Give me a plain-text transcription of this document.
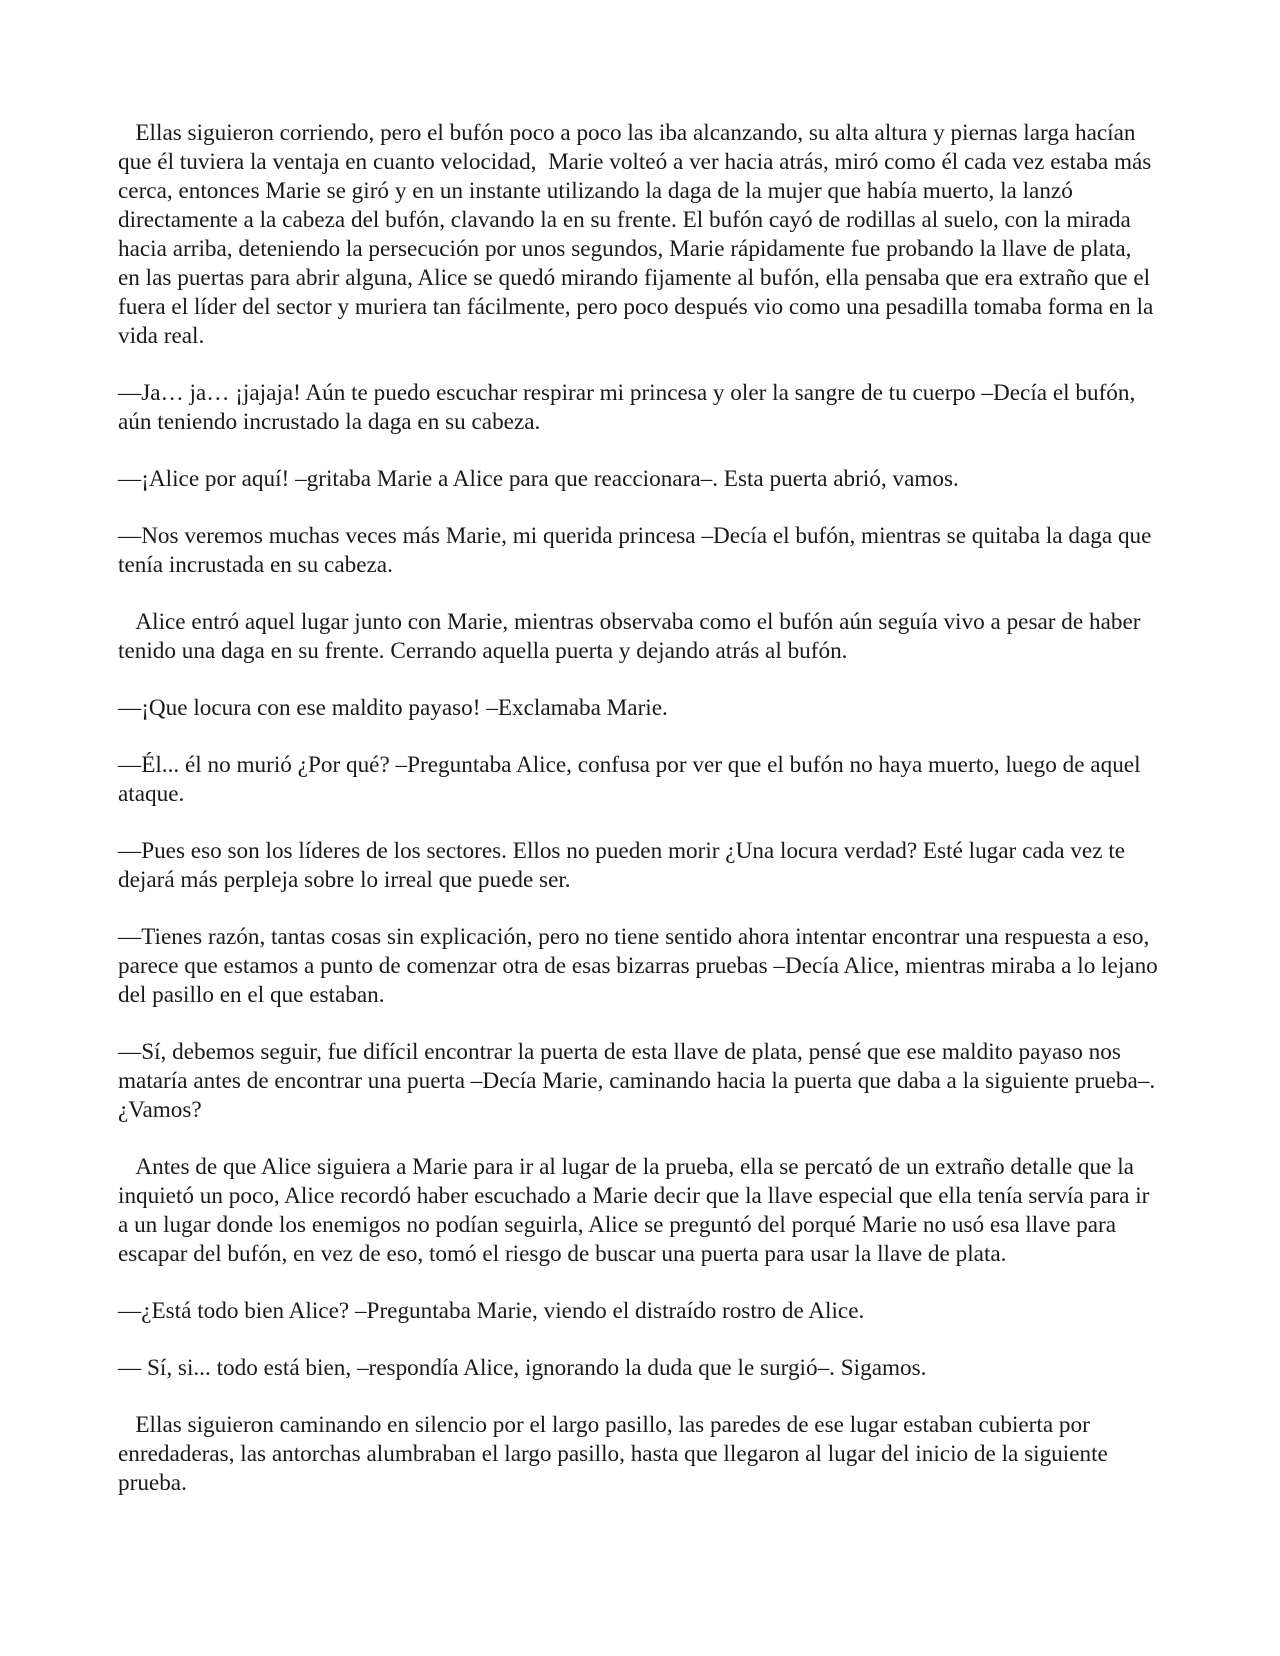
Ellas siguieron corriendo, pero el bufón poco a poco las iba alcanzando, su alta altura y piernas larga hacían que él tuviera la ventaja en cuanto velocidad,  Marie volteó a ver hacia atrás, miró como él cada vez estaba más cerca, entonces Marie se giró y en un instante utilizando la daga de la mujer que había muerto, la lanzó directamente a la cabeza del bufón, clavando la en su frente. El bufón cayó de rodillas al suelo, con la mirada hacia arriba, deteniendo la persecución por unos segundos, Marie rápidamente fue probando la llave de plata, en las puertas para abrir alguna, Alice se quedó mirando fijamente al bufón, ella pensaba que era extraño que el fuera el líder del sector y muriera tan fácilmente, pero poco después vio como una pesadilla tomaba forma en la vida real.

—Ja… ja… ¡jajaja! Aún te puedo escuchar respirar mi princesa y oler la sangre de tu cuerpo –Decía el bufón, aún teniendo incrustado la daga en su cabeza.

—¡Alice por aquí! –gritaba Marie a Alice para que reaccionara–. Esta puerta abrió, vamos.

—Nos veremos muchas veces más Marie, mi querida princesa –Decía el bufón, mientras se quitaba la daga que tenía incrustada en su cabeza.

Alice entró aquel lugar junto con Marie, mientras observaba como el bufón aún seguía vivo a pesar de haber tenido una daga en su frente. Cerrando aquella puerta y dejando atrás al bufón.

—¡Que locura con ese maldito payaso! –Exclamaba Marie.

—Él... él no murió ¿Por qué? –Preguntaba Alice, confusa por ver que el bufón no haya muerto, luego de aquel ataque.

—Pues eso son los líderes de los sectores. Ellos no pueden morir ¿Una locura verdad? Esté lugar cada vez te dejará más perpleja sobre lo irreal que puede ser.

—Tienes razón, tantas cosas sin explicación, pero no tiene sentido ahora intentar encontrar una respuesta a eso, parece que estamos a punto de comenzar otra de esas bizarras pruebas –Decía Alice, mientras miraba a lo lejano del pasillo en el que estaban.

—Sí, debemos seguir, fue difícil encontrar la puerta de esta llave de plata, pensé que ese maldito payaso nos mataría antes de encontrar una puerta –Decía Marie, caminando hacia la puerta que daba a la siguiente prueba–. ¿Vamos?

Antes de que Alice siguiera a Marie para ir al lugar de la prueba, ella se percató de un extraño detalle que la inquietó un poco, Alice recordó haber escuchado a Marie decir que la llave especial que ella tenía servía para ir a un lugar donde los enemigos no podían seguirla, Alice se preguntó del porqué Marie no usó esa llave para escapar del bufón, en vez de eso, tomó el riesgo de buscar una puerta para usar la llave de plata.

—¿Está todo bien Alice? –Preguntaba Marie, viendo el distraído rostro de Alice.

— Sí, si... todo está bien, –respondía Alice, ignorando la duda que le surgió–. Sigamos.

Ellas siguieron caminando en silencio por el largo pasillo, las paredes de ese lugar estaban cubierta por enredaderas, las antorchas alumbraban el largo pasillo, hasta que llegaron al lugar del inicio de la siguiente prueba.
